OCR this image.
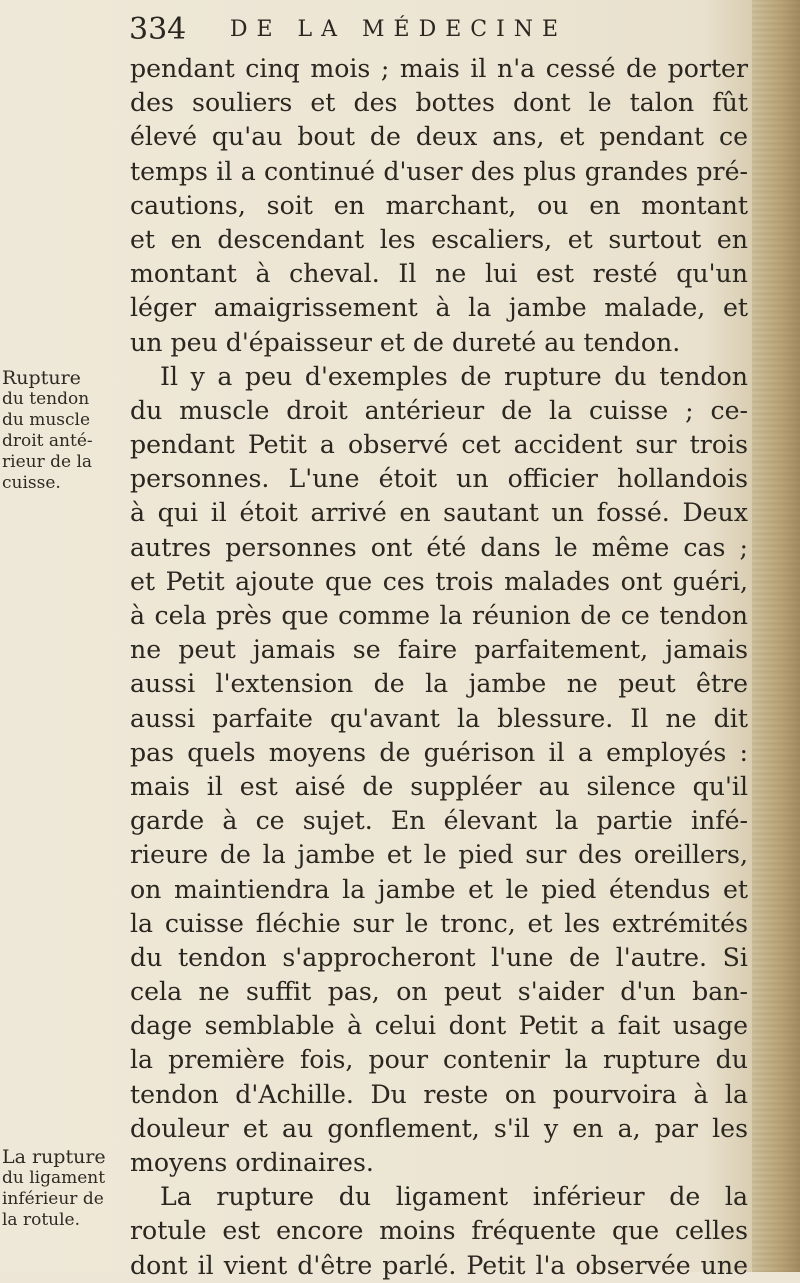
334 DE LA MÉDECINE
pendant cinq mois ; mais il n'a cessé de porter
des souliers et des bottes dont le talon fût
élevé qu'au bout de deux ans, et pendant ce
temps il a continué d'user des plus grandes pré-
cautions, soit en marchant, ou en montant
et en descendant les escaliers, et surtout en
montant à cheval. Il ne lui est resté qu'un
léger amaigrissement à la jambe malade, et
un peu d'épaisseur et de dureté au tendon.
Il y a peu d'exemples de rupture du tendon
du muscle droit antérieur de la cuisse ; ce-
pendant Petit a observé cet accident sur trois
personnes. L'une étoit un officier hollandois
à qui il étoit arrivé en sautant un fossé. Deux
autres personnes ont été dans le même cas ;
et Petit ajoute que ces trois malades ont guéri,
à cela près que comme la réunion de ce tendon
ne peut jamais se faire parfaitement, jamais
aussi l'extension de la jambe ne peut être
aussi parfaite qu'avant la blessure. Il ne dit
pas quels moyens de guérison il a employés :
mais il est aisé de suppléer au silence qu'il
garde à ce sujet. En élevant la partie infé-
rieure de la jambe et le pied sur des oreillers,
on maintiendra la jambe et le pied étendus et
la cuisse fléchie sur le tronc, et les extrémités
du tendon s'approcheront l'une de l'autre. Si
cela ne suffit pas, on peut s'aider d'un ban-
dage semblable à celui dont Petit a fait usage
la première fois, pour contenir la rupture du
tendon d'Achille. Du reste on pourvoira à la
douleur et au gonflement, s'il y en a, par les
moyens ordinaires.
La rupture du ligament inférieur de la
rotule est encore moins fréquente que celles
dont il vient d'être parlé. Petit l'a observée une
Rupture
du tendon
du muscle
droit anté-
rieur de la
cuisse.
La rupture
du ligament
inférieur de
la rotule.
